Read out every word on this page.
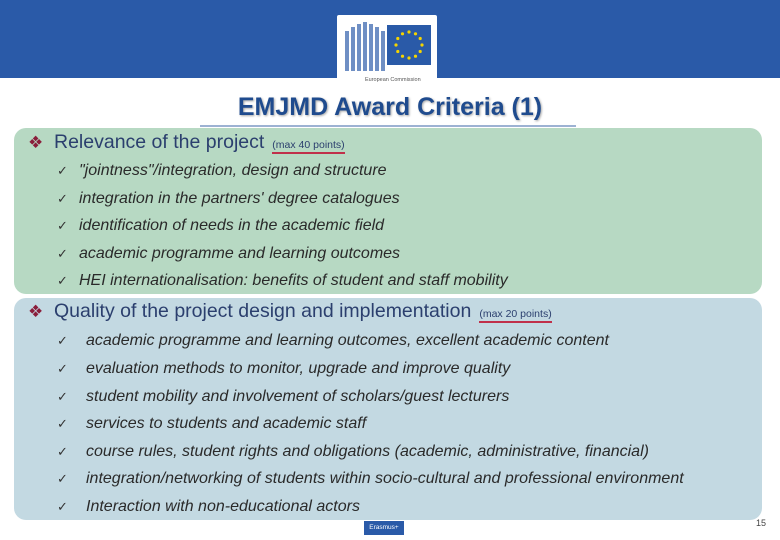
European Commission
EMJMD Award Criteria (1)
❖ Relevance of the project (max 40 points)
✓ "jointness"/integration, design and structure
✓ integration in the partners' degree catalogues
✓ identification of needs in the academic field
✓ academic programme and learning outcomes
✓ HEI internationalisation: benefits of student and staff mobility
❖ Quality of the project design and implementation (max 20 points)
✓	academic programme and learning outcomes, excellent academic content
✓	evaluation methods to monitor, upgrade and improve quality
✓	student mobility and involvement of scholars/guest lecturers
✓	services to students and academic staff
✓	course rules, student rights and obligations (academic, administrative, financial)
✓	integration/networking of students within socio-cultural and professional environment
✓	Interaction with non-educational actors
Erasmus+	15
